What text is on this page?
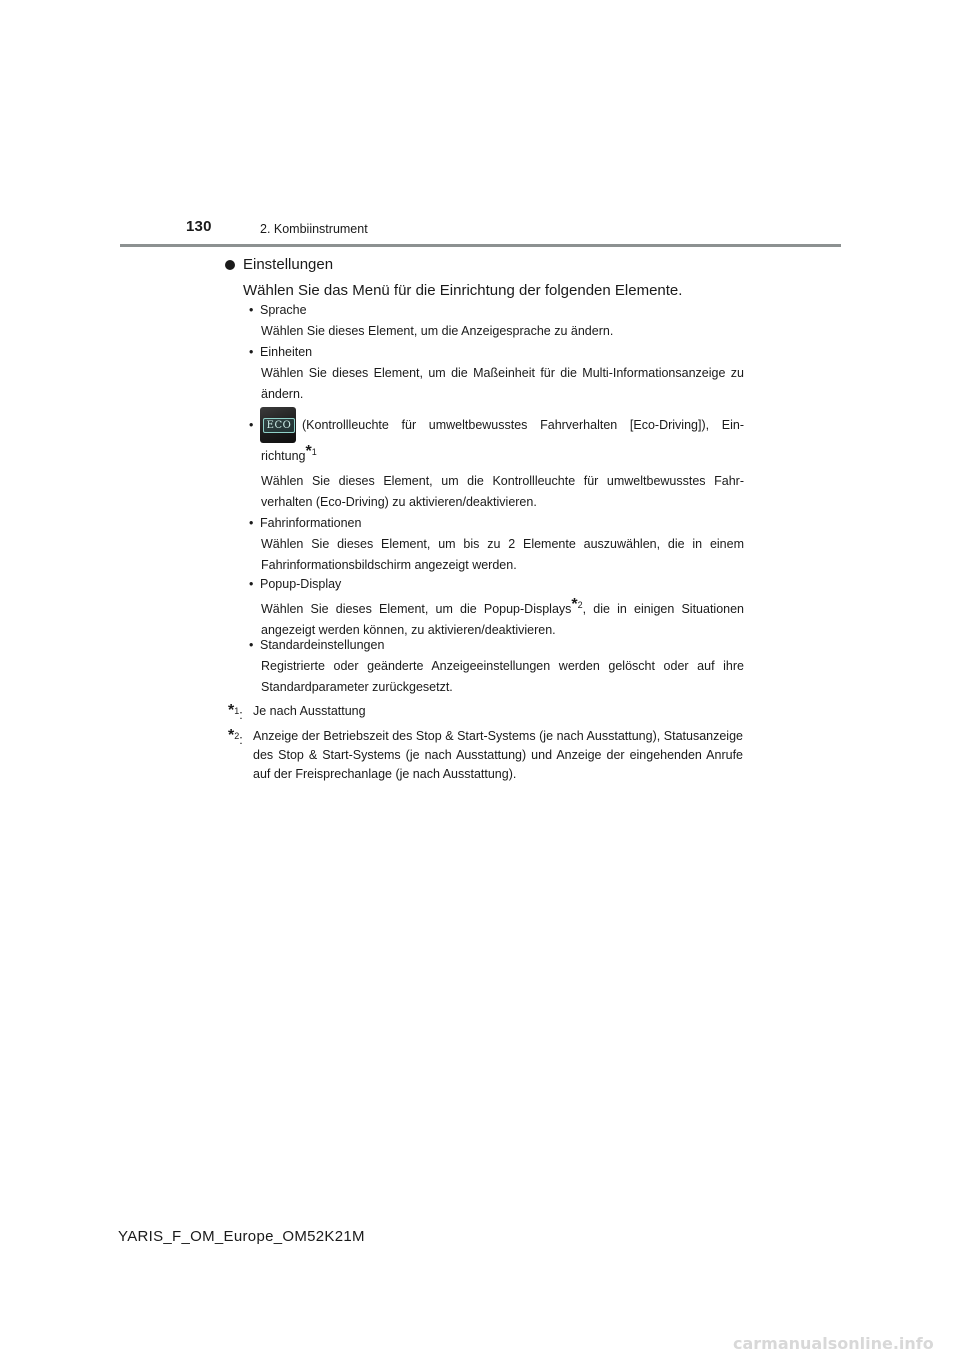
130	2. Kombiinstrument
Einstellungen
Wählen Sie das Menü für die Einrichtung der folgenden Elemente.
• Sprache
Wählen Sie dieses Element, um die Anzeigesprache zu ändern.
• Einheiten
Wählen Sie dieses Element, um die Maßeinheit für die Multi-Informationsanzeige zu ändern.
•	ECO (Kontrollleuchte für umweltbewusstes Fahrverhalten [Eco-Driving]), Ein-
richtung*$^1$
Wählen Sie dieses Element, um die Kontrollleuchte für umweltbewusstes Fahrverhalten (Eco-Driving) zu aktivieren/deaktivieren.
• Fahrinformationen
Wählen Sie dieses Element, um bis zu 2 Elemente auszuwählen, die in einem Fahrinformationsbildschirm angezeigt werden.
• Popup-Display
Wählen Sie dieses Element, um die Popup-Displays*$^2$, die in einigen Situationen angezeigt werden können, zu aktivieren/deaktivieren.
• Standardeinstellungen
Registrierte oder geänderte Anzeigeeinstellungen werden gelöscht oder auf ihre Standardparameter zurückgesetzt.
*$^1$: Je nach Ausstattung
*$^2$: Anzeige der Betriebszeit des Stop & Start-Systems (je nach Ausstattung), Statusanzeige des Stop & Start-Systems (je nach Ausstattung) und Anzeige der eingehenden Anrufe auf der Freisprechanlage (je nach Ausstattung).
YARIS_F_OM_Europe_OM52K21M
carmanualsonline.info
